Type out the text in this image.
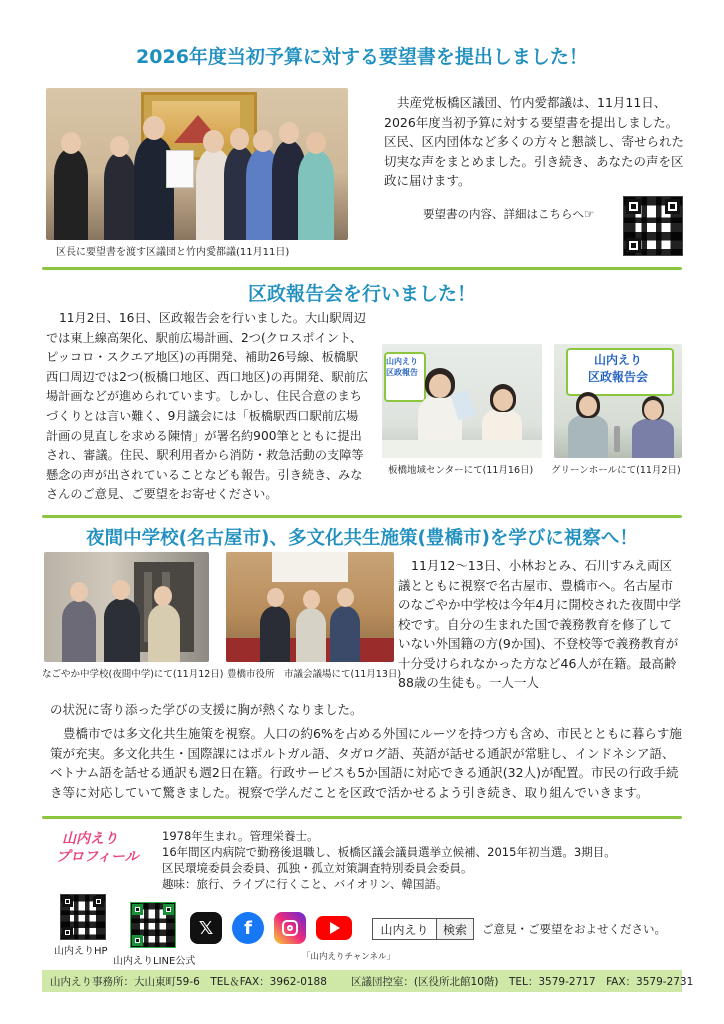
2026年度当初予算に対する要望書を提出しました！
区長に要望書を渡す区議団と竹内愛都議(11月11日)
共産党板橋区議団、竹内愛都議は、11月11日、2026年度当初予算に対する要望書を提出しました。区民、区内団体など多くの方々と懇談し、寄せられた切実な声をまとめました。引き続き、あなたの声を区政に届けます。
要望書の内容、詳細はこちらへ☞
区政報告会を行いました！
11月2日、16日、区政報告会を行いました。大山駅周辺では東上線高架化、駅前広場計画、2つ(クロスポイント、ピッコロ・スクエア地区)の再開発、補助26号線、板橋駅西口周辺では2つ(板橋口地区、西口地区)の再開発、駅前広場計画などが進められています。しかし、住民合意のまちづくりとは言い難く、9月議会には「板橋駅西口駅前広場計画の見直しを求める陳情」が署名約900筆とともに提出され、審議。住民、駅利用者から消防・救急活動の支障等懸念の声が出されていることなども報告。引き続き、みなさんのご意見、ご要望をお寄せください。
山内えり
区政報告
板橋地域センターにて(11月16日)
山内えり
区政報告会
グリーンホールにて(11月2日)
夜間中学校(名古屋市)、多文化共生施策(豊橋市)を学びに視察へ！
なごやか中学校(夜間中学)にて(11月12日) 豊橋市役所　市議会議場にて(11月13日)
11月12〜13日、小林おとみ、石川すみえ両区議とともに視察で名古屋市、豊橋市へ。名古屋市のなごやか中学校は今年4月に開校された夜間中学校です。自分の生まれた国で義務教育を修了していない外国籍の方(9か国)、不登校等で義務教育が十分受けられなかった方など46人が在籍。最高齢88歳の生徒も。一人一人
の状況に寄り添った学びの支援に胸が熱くなりました。
豊橋市では多文化共生施策を視察。人口の約6%を占める外国にルーツを持つ方も含め、市民とともに暮らす施策が充実。多文化共生・国際課にはポルトガル語、タガログ語、英語が話せる通訳が常駐し、インドネシア語、ベトナム語を話せる通訳も週2日在籍。行政サービスも5か国語に対応できる通訳(32人)が配置。市民の行政手続き等に対応していて驚きました。視察で学んだことを区政で活かせるよう引き続き、取り組んでいきます。
山内えり
プロフィール
1978年生まれ。管理栄養士。
16年間区内病院で勤務後退職し、板橋区議会議員選挙立候補、2015年初当選。3期目。
区民環境委員会委員、孤独・孤立対策調査特別委員会委員。
趣味：旅行、ライブに行くこと、バイオリン、韓国語。
山内えりHP
山内えりLINE公式
𝕏	f
「山内えりチャンネル」
山内えり	検索	ご意見・ご要望をおよせください。
山内えり事務所：大山東町59-6　TEL＆FAX：3962-0188 区議団控室：(区役所北館10階)　TEL：3579-2717　FAX：3579-2731
